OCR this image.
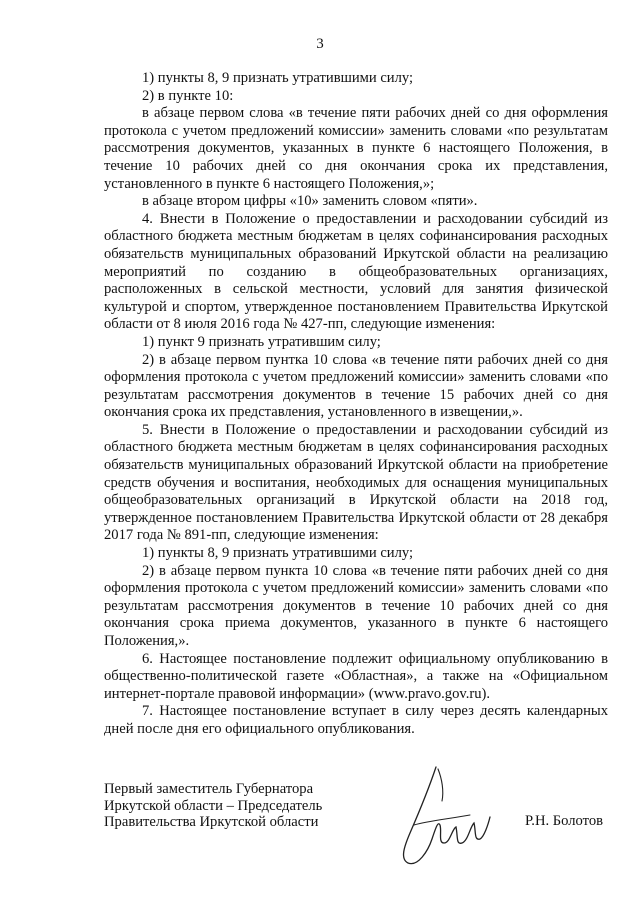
3

1) пункты 8, 9 признать утратившими силу;

2) в пункте 10:

в абзаце первом слова «в течение пяти рабочих дней со дня оформления протокола с учетом предложений комиссии» заменить словами «по результатам рассмотрения документов, указанных в пункте 6 настоящего Положения, в течение 10 рабочих дней со дня окончания срока их представления, установленного в пункте 6 настоящего Положения,»;

в абзаце втором цифры «10» заменить словом «пяти».

4. Внести в Положение о предоставлении и расходовании субсидий из областного бюджета местным бюджетам в целях софинансирования расходных обязательств муниципальных образований Иркутской области на реализацию мероприятий по созданию в общеобразовательных организациях, расположенных в сельской местности, условий для занятия физической культурой и спортом, утвержденное постановлением Правительства Иркутской области от 8 июля 2016 года № 427-пп, следующие изменения:

1) пункт 9 признать утратившим силу;

2) в абзаце первом пунтка 10 слова «в течение пяти рабочих дней со дня оформления протокола с учетом предложений комиссии» заменить словами «по результатам рассмотрения документов в течение 15 рабочих дней со дня окончания срока их представления, установленного в извещении,».

5. Внести в Положение о предоставлении и расходовании субсидий из областного бюджета местным бюджетам в целях софинансирования расходных обязательств муниципальных образований Иркутской области на приобретение средств обучения и воспитания, необходимых для оснащения муниципальных общеобразовательных организаций в Иркутской области на 2018 год, утвержденное постановлением Правительства Иркутской области от 28 декабря 2017 года № 891-пп, следующие изменения:

1) пункты 8, 9 признать утратившими силу;

2) в абзаце первом пункта 10 слова «в течение пяти рабочих дней со дня оформления протокола с учетом предложений комиссии» заменить словами «по результатам рассмотрения документов в течение 10 рабочих дней со дня окончания срока приема документов, указанного в пункте 6 настоящего Положения,».

6. Настоящее постановление подлежит официальному опубликованию в общественно-политической газете «Областная», а также на «Официальном интернет-портале правовой информации» (www.pravo.gov.ru).

7. Настоящее постановление вступает в силу через десять календарных дней после дня его официального опубликования.

Первый заместитель Губернатора
Иркутской области – Председатель
Правительства Иркутской области	Р.Н. Болотов
